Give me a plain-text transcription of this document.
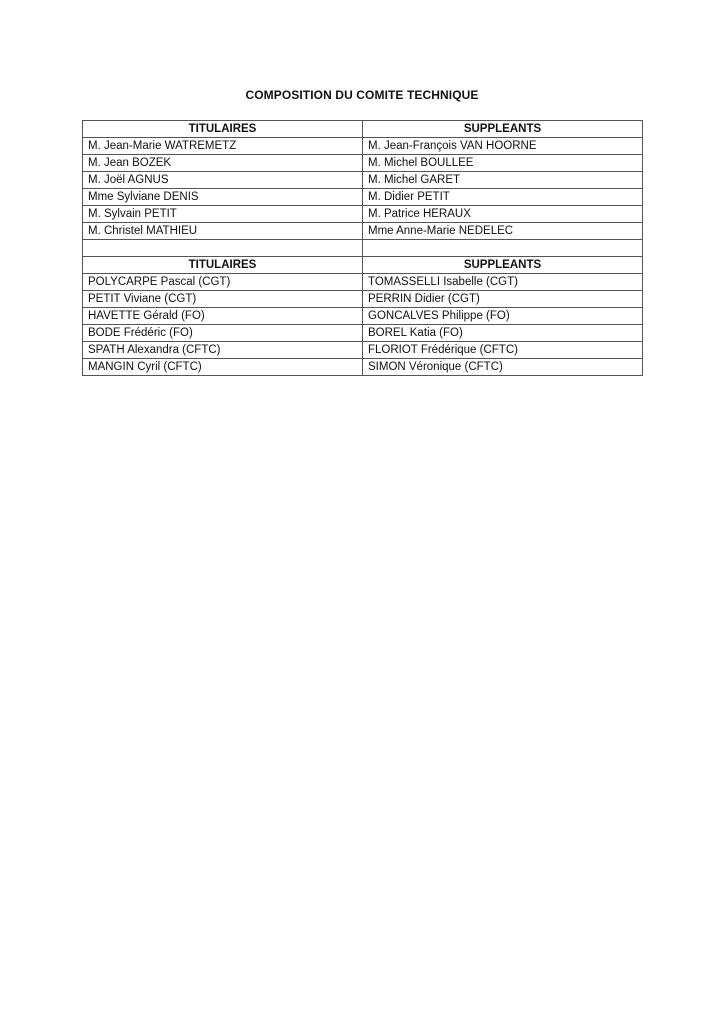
COMPOSITION DU COMITE TECHNIQUE
TITULAIRES	SUPPLEANTS
M. Jean-Marie WATREMETZ	M. Jean-François VAN HOORNE
M. Jean BOZEK	M. Michel BOULLEE
M. Joël AGNUS	M. Michel GARET
Mme Sylviane DENIS	M. Didier PETIT
M. Sylvain PETIT	M. Patrice HERAUX
M. Christel MATHIEU	Mme Anne-Marie NEDELEC

TITULAIRES	SUPPLEANTS
POLYCARPE Pascal (CGT)	TOMASSELLI Isabelle (CGT)
PETIT Viviane (CGT)	PERRIN Didier (CGT)
HAVETTE Gérald (FO)	GONCALVES Philippe (FO)
BODE Frédéric (FO)	BOREL Katia (FO)
SPATH Alexandra (CFTC)	FLORIOT Frédérique (CFTC)
MANGIN Cyril (CFTC)	SIMON Véronique (CFTC)
